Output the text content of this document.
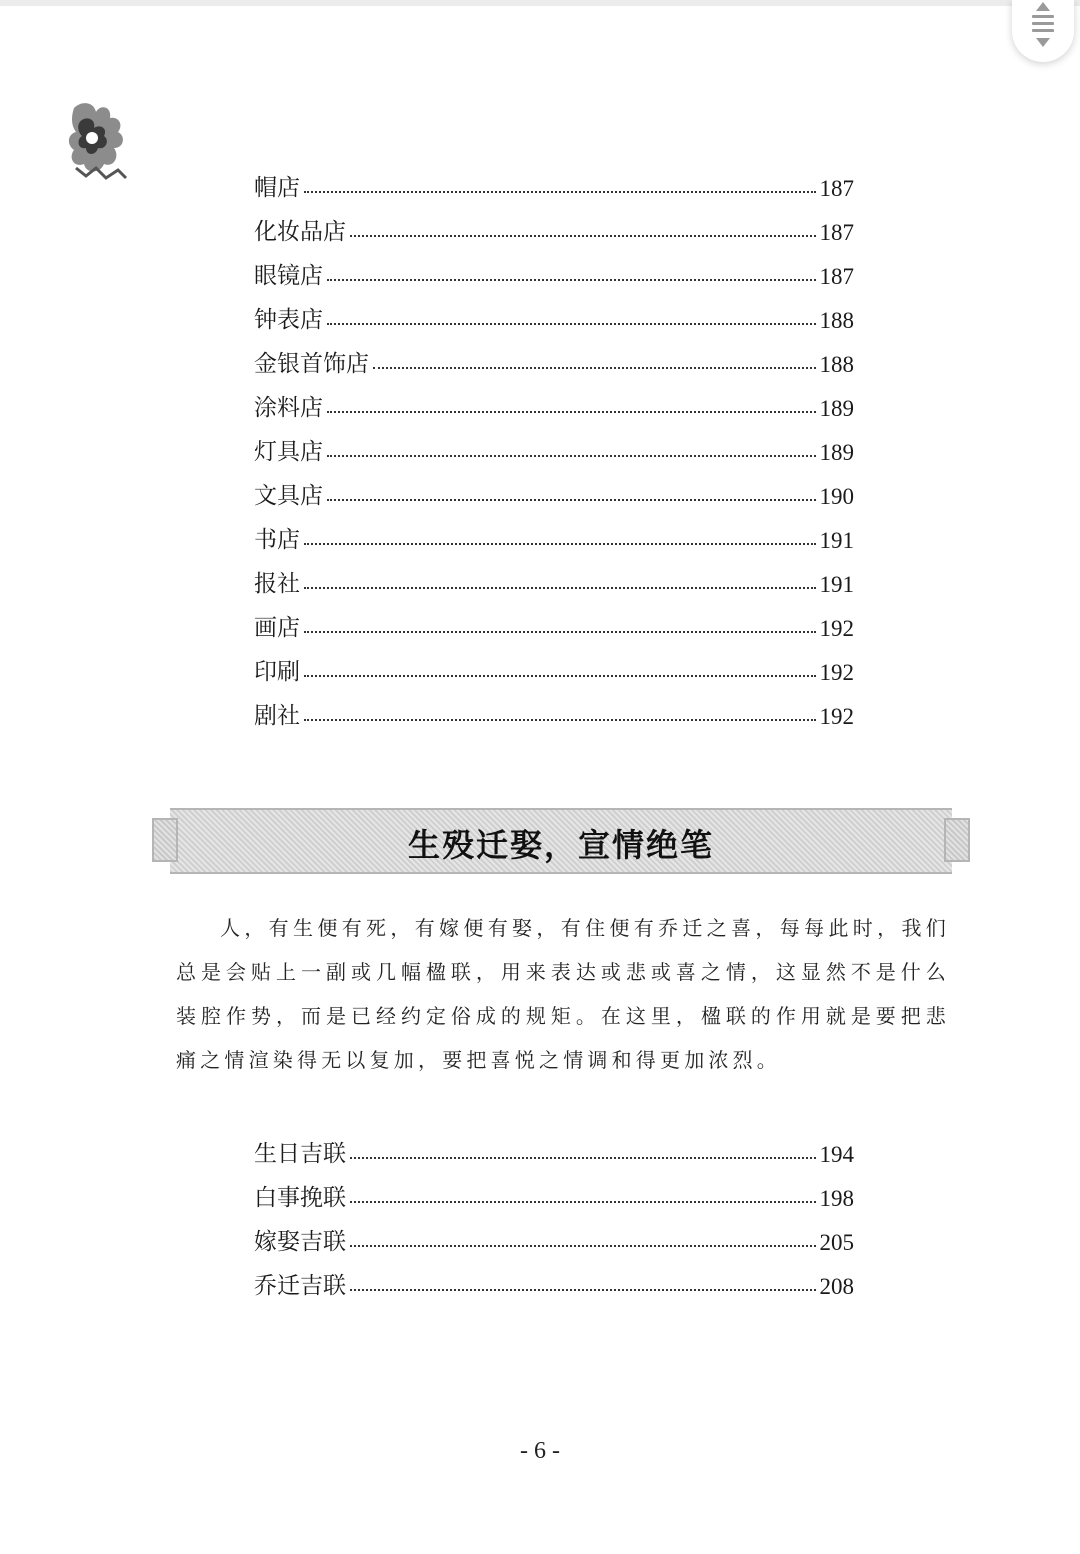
帽店	187
化妆品店	187
眼镜店	187
钟表店	188
金银首饰店	188
涂料店	189
灯具店	189
文具店	190
书店	191
报社	191
画店	192
印刷	192
剧社	192
生殁迁娶，宣情绝笔
人，有生便有死，有嫁便有娶，有住便有乔迁之喜，每每此时，我们总是会贴上一副或几幅楹联，用来表达或悲或喜之情，这显然不是什么装腔作势，而是已经约定俗成的规矩。在这里，楹联的作用就是要把悲痛之情渲染得无以复加，要把喜悦之情调和得更加浓烈。
生日吉联	194
白事挽联	198
嫁娶吉联	205
乔迁吉联	208
- 6 -
